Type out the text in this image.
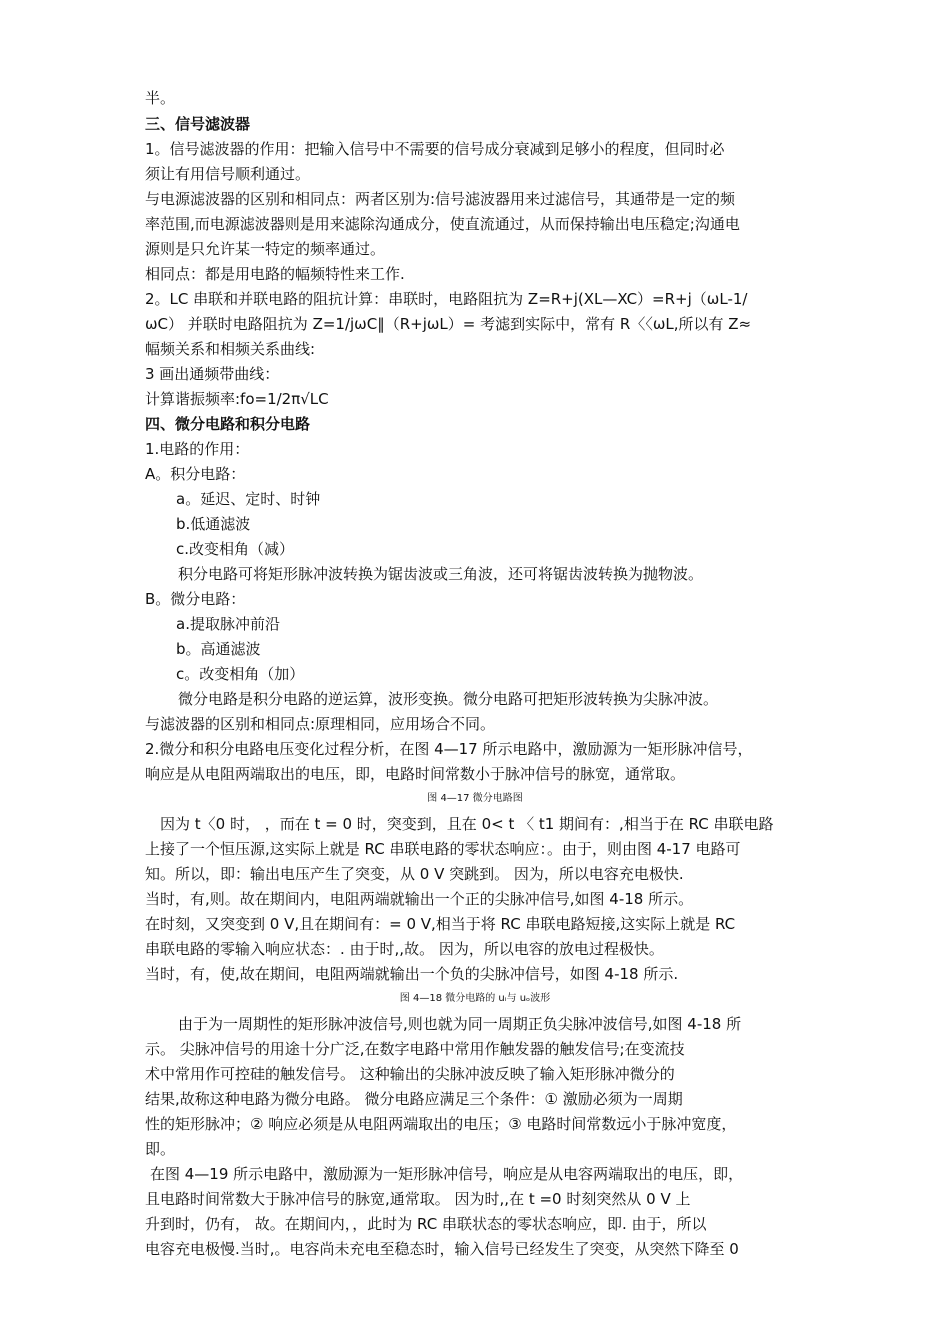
半。
三、信号滤波器
1。信号滤波器的作用：把输入信号中不需要的信号成分衰减到足够小的程度，但同时必
须让有用信号顺利通过。
与电源滤波器的区别和相同点：两者区别为:信号滤波器用来过滤信号，其通带是一定的频
率范围,而电源滤波器则是用来滤除沟通成分，使直流通过，从而保持输出电压稳定;沟通电
源则是只允许某一特定的频率通过。
相同点：都是用电路的幅频特性来工作.
2。LC 串联和并联电路的阻抗计算：串联时，电路阻抗为 Z=R+j(XL—XC）=R+j（ωL-1/
ωC） 并联时电路阻抗为 Z=1/jωC‖（R+jωL）= 考滤到实际中，常有 R〈〈ωL,所以有 Z≈
幅频关系和相频关系曲线:
3 画出通频带曲线：
计算谐振频率:fo=1/2π√LC
四、微分电路和积分电路
1.电路的作用：
A。积分电路：
a。延迟、定时、时钟
b.低通滤波
c.改变相角（减）
积分电路可将矩形脉冲波转换为锯齿波或三角波，还可将锯齿波转换为抛物波。
B。微分电路：
a.提取脉冲前沿
b。高通滤波
c。改变相角（加）
微分电路是积分电路的逆运算，波形变换。微分电路可把矩形波转换为尖脉冲波。
与滤波器的区别和相同点:原理相同，应用场合不同。
2.微分和积分电路电压变化过程分析，在图 4—17 所示电路中，激励源为一矩形脉冲信号，
响应是从电阻两端取出的电压，即，电路时间常数小于脉冲信号的脉宽，通常取。
图 4—17 微分电路图
因为 t〈0 时， ，而在 t = 0 时，突变到，且在 0< t 〈 t1 期间有：,相当于在 RC 串联电路
上接了一个恒压源,这实际上就是 RC 串联电路的零状态响应：。由于，则由图 4-17 电路可
知。所以，即：输出电压产生了突变，从 0 V 突跳到。 因为，所以电容充电极快.
当时，有,则。故在期间内，电阻两端就输出一个正的尖脉冲信号,如图 4-18 所示。
在时刻，又突变到 0 V,且在期间有：= 0 V,相当于将 RC 串联电路短接,这实际上就是 RC
串联电路的零输入响应状态：. 由于时,,故。 因为，所以电容的放电过程极快。
当时，有，使,故在期间，电阻两端就输出一个负的尖脉冲信号，如图 4-18 所示.
图 4—18 微分电路的 uᵢ与 uₒ波形
由于为一周期性的矩形脉冲波信号,则也就为同一周期正负尖脉冲波信号,如图 4-18 所
示。 尖脉冲信号的用途十分广泛,在数字电路中常用作触发器的触发信号;在变流技
术中常用作可控硅的触发信号。 这种输出的尖脉冲波反映了输入矩形脉冲微分的
结果,故称这种电路为微分电路。 微分电路应满足三个条件：① 激励必须为一周期
性的矩形脉冲；② 响应必须是从电阻两端取出的电压；③ 电路时间常数远小于脉冲宽度，
即。
在图 4—19 所示电路中，激励源为一矩形脉冲信号，响应是从电容两端取出的电压，即，
且电路时间常数大于脉冲信号的脉宽,通常取。 因为时,,在 t =0 时刻突然从 0 V 上
升到时，仍有， 故。在期间内，，此时为 RC 串联状态的零状态响应，即. 由于，所以
电容充电极慢.当时,。电容尚未充电至稳态时，输入信号已经发生了突变，从突然下降至 0
